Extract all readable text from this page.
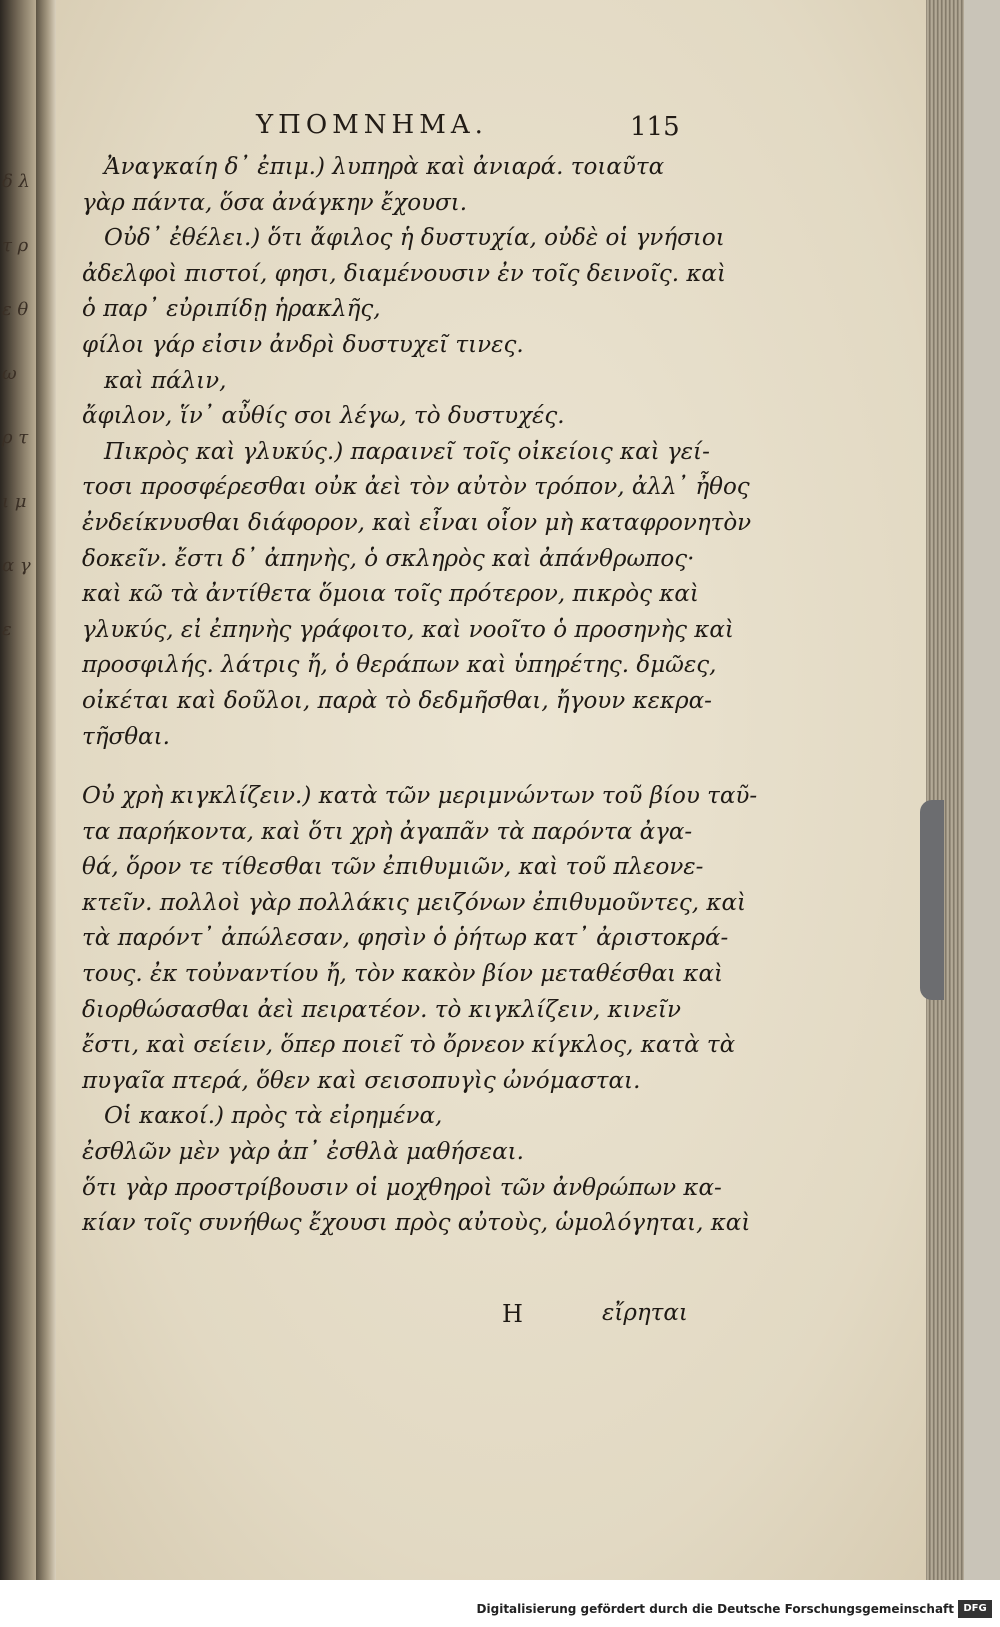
δ λ τ ρ ε θ ω ρ τ ι μ α γ ε
ΥΠΟΜΝΗΜΑ.	115
Ἀναγκαίη δ᾽ ἐπιμ.) λυπηρὰ καὶ ἀνιαρά. τοιαῦτα
γὰρ πάντα, ὅσα ἀνάγκην ἔχουσι.
Οὐδ᾽ ἐθέλει.) ὅτι ἄφιλος ἡ δυστυχία, οὐδὲ οἱ γνήσιοι
ἀδελφοὶ πιστοί, φησι, διαμένουσιν ἐν τοῖς δεινοῖς. καὶ
ὁ παρ᾽ εὐριπίδῃ ἡρακλῆς,
φίλοι γάρ εἰσιν ἀνδρὶ δυστυχεῖ τινες.
καὶ πάλιν,
ἄφιλον, ἵν᾽ αὖθίς σοι λέγω, τὸ δυστυχές.
Πικρὸς καὶ γλυκύς.) παραινεῖ τοῖς οἰκείοις καὶ γεί-
τοσι προσφέρεσθαι οὐκ ἀεὶ τὸν αὐτὸν τρόπον, ἀλλ᾽ ἦθος
ἐνδείκνυσθαι διάφορον, καὶ εἶναι οἷον μὴ καταφρονητὸν
δοκεῖν. ἔστι δ᾽ ἀπηνὴς, ὁ σκληρὸς καὶ ἀπάνθρωπος·
καὶ κῶ τὰ ἀντίθετα ὅμοια τοῖς πρότερον, πικρὸς καὶ
γλυκύς, εἰ ἐπηνὴς γράφοιτο, καὶ νοοῖτο ὁ προσηνὴς καὶ
προσφιλής. λάτρις ἤ, ὁ θεράπων καὶ ὑπηρέτης. δμῶες,
οἰκέται καὶ δοῦλοι, παρὰ τὸ δεδμῆσθαι, ἤγουν κεκρα-
τῆσθαι.
Οὐ χρὴ κιγκλίζειν.) κατὰ τῶν μεριμνώντων τοῦ βίου ταῦ-
τα παρήκοντα, καὶ ὅτι χρὴ ἀγαπᾶν τὰ παρόντα ἀγα-
θά, ὅρον τε τίθεσθαι τῶν ἐπιθυμιῶν, καὶ τοῦ πλεονε-
κτεῖν. πολλοὶ γὰρ πολλάκις μειζόνων ἐπιθυμοῦντες, καὶ
τὰ παρόντ᾽ ἀπώλεσαν, φησὶν ὁ ῥήτωρ κατ᾽ ἀριστοκρά-
τους. ἐκ τοὐναντίου ἤ, τὸν κακὸν βίον μεταθέσθαι καὶ
διορθώσασθαι ἀεὶ πειρατέον. τὸ κιγκλίζειν, κινεῖν
ἔστι, καὶ σείειν, ὅπερ ποιεῖ τὸ ὄρνεον κίγκλος, κατὰ τὰ
πυγαῖα πτερά, ὅθεν καὶ σεισοπυγὶς ὠνόμασται.
Οἱ κακοί.) πρὸς τὰ εἰρημένα,
ἐσθλῶν μὲν γὰρ ἀπ᾽ ἐσθλὰ μαθήσεαι.
ὅτι γὰρ προστρίβουσιν οἱ μοχθηροὶ τῶν ἀνθρώπων κα-
κίαν τοῖς συνήθως ἔχουσι πρὸς αὐτοὺς, ὡμολόγηται, καὶ
Η	εἴρηται
Digitalisierung gefördert durch die Deutsche Forschungsgemeinschaft DFG
